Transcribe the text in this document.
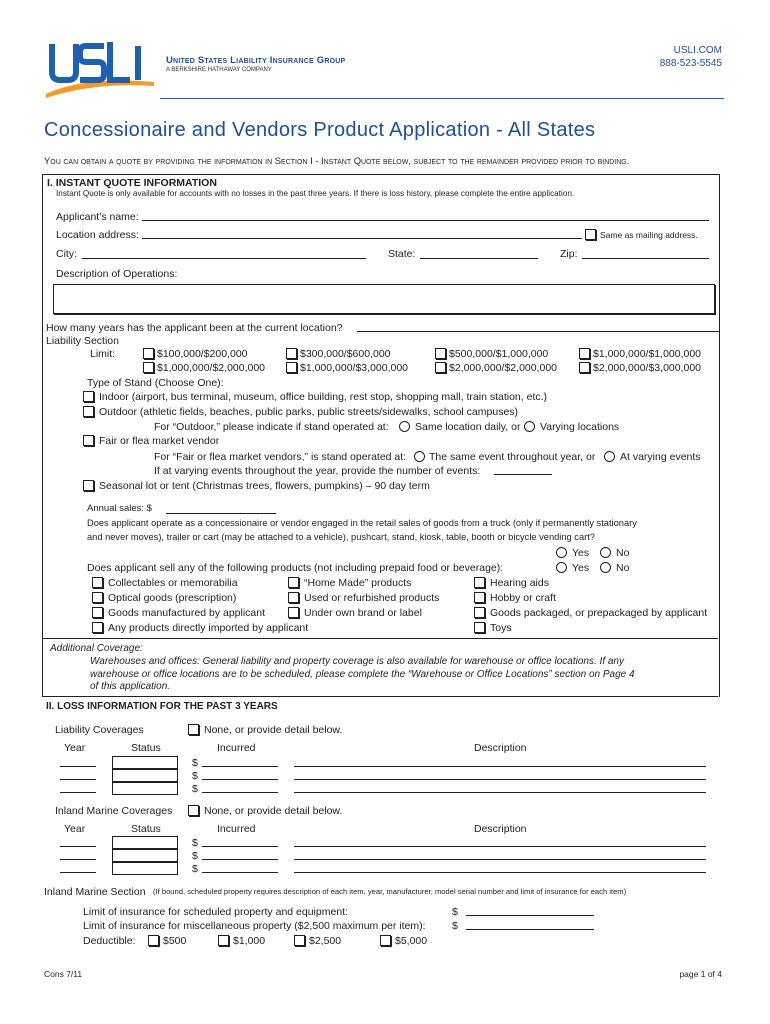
United States Liability Insurance Group
A BERKSHIRE HATHAWAY COMPANY
USLI.COM
888-523-5545
Concessionaire and Vendors Product Application - All States
You can obtain a quote by providing the information in Section I - Instant Quote below, subject to the remainder provided prior to binding.
I. INSTANT QUOTE INFORMATION
Instant Quote is only available for accounts with no losses in the past three years. If there is loss history, please complete the entire application.
Applicant’s name:
Location address:	Same as mailing address.
City:	State:	Zip:
Description of Operations:
How many years has the applicant been at the current location?
Liability Section
Limit:	$100,000/$200,000	$300,000/$600,000	$500,000/$1,000,000	$1,000,000/$1,000,000
$1,000,000/$2,000,000	$1,000,000/$3,000,000	$2,000,000/$2,000,000	$2,000,000/$3,000,000
Type of Stand (Choose One):
Indoor (airport, bus terminal, museum, office building, rest stop, shopping mall, train station, etc.)
Outdoor (athletic fields, beaches, public parks, public streets/sidewalks, school campuses)
For “Outdoor,” please indicate if stand operated at:	Same location daily, or Varying locations
Fair or flea market vendor
For “Fair or flea market vendors,” is stand operated at: The same event throughout year, or At varying events
If at varying events throughout the year, provide the number of events:
Seasonal lot or tent (Christmas trees, flowers, pumpkins) – 90 day term
Annual sales: $
Does applicant operate as a concessionaire or vendor engaged in the retail sales of goods from a truck (only if permanently stationary
and never moves), trailer or cart (may be attached to a vehicle), pushcart, stand, kiosk, table, booth or bicycle vending cart?
Yes	No
Does applicant sell any of the following products (not including prepaid food or beverage):	Yes	No
Collectables or memorabilia	“Home Made” products	Hearing aids
Optical goods (prescription)	Used or refurbished products	Hobby or craft
Goods manufactured by applicant	Under own brand or label	Goods packaged, or prepackaged by applicant
Any products directly imported by applicant	Toys
Additional Coverage:
Warehouses and offices: General liability and property coverage is also available for warehouse or office locations. If any
warehouse or office locations are to be scheduled, please complete the “Warehouse or Office Locations” section on Page 4
of this application.
II. LOSS INFORMATION FOR THE PAST 3 YEARS
Liability Coverages	None, or provide detail below.
Year	Status	Incurred	Description
$
$
$
Inland Marine Coverages	None, or provide detail below.
Year	Status	Incurred	Description
$
$
$
Inland Marine Section (If bound, scheduled property requires description of each item, year, manufacturer, model serial number and limit of insurance for each item)
Limit of insurance for scheduled property and equipment:	$
Limit of insurance for miscellaneous property ($2,500 maximum per item):	$
Deductible:	$500	$1,000	$2,500	$5,000
Cons 7/11	page 1 of 4
